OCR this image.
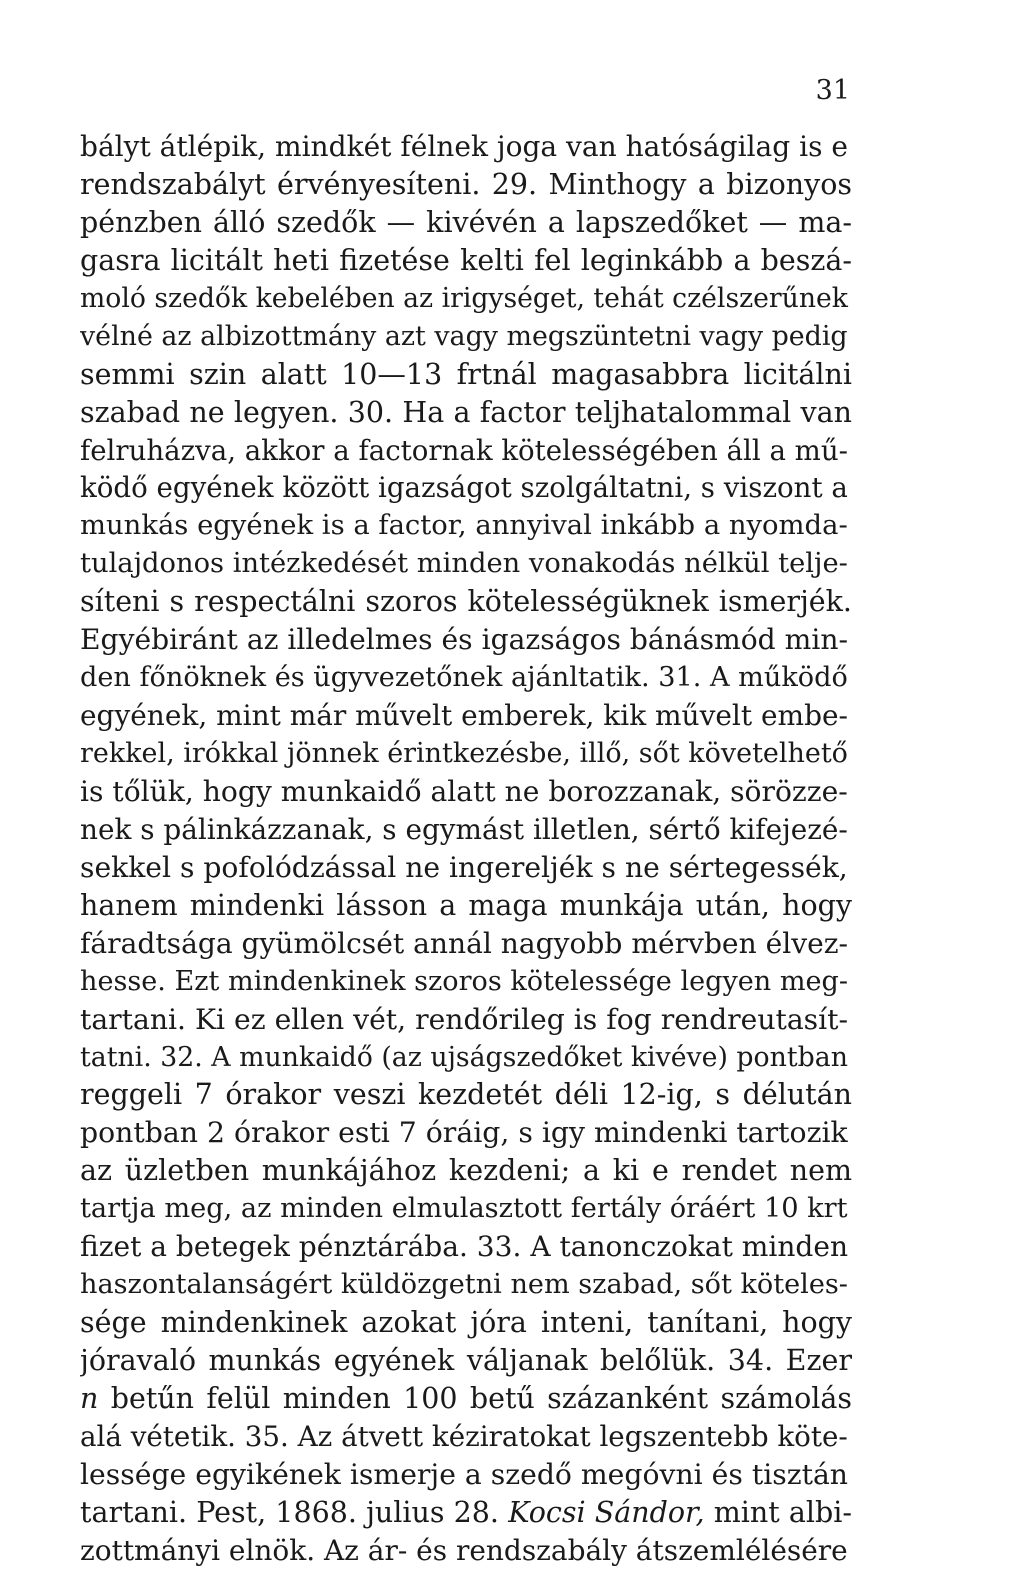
31
bályt átlépik, mindkét félnek joga van hatóságilag is e
rendszabályt érvényesíteni. 29. Minthogy a bizonyos
pénzben álló szedők — kivévén a lapszedőket — ma-
gasra licitált heti fizetése kelti fel leginkább a beszá-
moló szedők kebelében az irigységet, tehát czélszerűnek
vélné az albizottmány azt vagy megszüntetni vagy pedig
semmi szin alatt 10—13 frtnál magasabbra licitálni
szabad ne legyen. 30. Ha a factor teljhatalommal van
felruházva, akkor a factornak kötelességében áll a mű-
ködő egyének között igazságot szolgáltatni, s viszont a
munkás egyének is a factor, annyival inkább a nyomda-
tulajdonos intézkedését minden vonakodás nélkül telje-
síteni s respectálni szoros kötelességüknek ismerjék.
Egyébiránt az illedelmes és igazságos bánásmód min-
den főnöknek és ügyvezetőnek ajánltatik. 31. A működő
egyének, mint már művelt emberek, kik művelt embe-
rekkel, irókkal jönnek érintkezésbe, illő, sőt követelhető
is tőlük, hogy munkaidő alatt ne borozzanak, sörözze-
nek s pálinkázzanak, s egymást illetlen, sértő kifejezé-
sekkel s pofolódzással ne ingereljék s ne sértegessék,
hanem mindenki lásson a maga munkája után, hogy
fáradtsága gyümölcsét annál nagyobb mérvben élvez-
hesse. Ezt mindenkinek szoros kötelessége legyen meg-
tartani. Ki ez ellen vét, rendőrileg is fog rendreutasít-
tatni. 32. A munkaidő (az ujságszedőket kivéve) pontban
reggeli 7 órakor veszi kezdetét déli 12-ig, s délután
pontban 2 órakor esti 7 óráig, s igy mindenki tartozik
az üzletben munkájához kezdeni; a ki e rendet nem
tartja meg, az minden elmulasztott fertály óráért 10 krt
fizet a betegek pénztárába. 33. A tanonczokat minden
haszontalanságért küldözgetni nem szabad, sőt köteles-
sége mindenkinek azokat jóra inteni, tanítani, hogy
jóravaló munkás egyének váljanak belőlük. 34. Ezer
n betűn felül minden 100 betű százanként számolás
alá vétetik. 35. Az átvett kéziratokat legszentebb köte-
lessége egyikének ismerje a szedő megóvni és tisztán
tartani. Pest, 1868. julius 28. Kocsi Sándor, mint albi-
zottmányi elnök. Az ár- és rendszabály átszemlélésére
